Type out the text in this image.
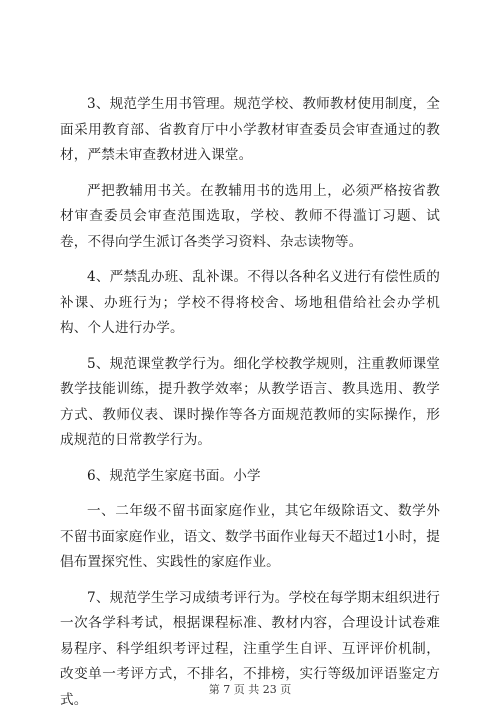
3、规范学生用书管理。规范学校、教师教材使用制度，全面采用教育部、省教育厅中小学教材审查委员会审查通过的教材，严禁未审查教材进入课堂。

严把教辅用书关。在教辅用书的选用上，必须严格按省教材审查委员会审查范围选取，学校、教师不得滥订习题、试卷，不得向学生派订各类学习资料、杂志读物等。

4、严禁乱办班、乱补课。不得以各种名义进行有偿性质的补课、办班行为；学校不得将校舍、场地租借给社会办学机构、个人进行办学。

5、规范课堂教学行为。细化学校教学规则，注重教师课堂教学技能训练，提升教学效率；从教学语言、教具选用、教学方式、教师仪表、课时操作等各方面规范教师的实际操作，形成规范的日常教学行为。

6、规范学生家庭书面。小学

一、二年级不留书面家庭作业，其它年级除语文、数学外不留书面家庭作业，语文、数学书面作业每天不超过1小时，提倡布置探究性、实践性的家庭作业。

7、规范学生学习成绩考评行为。学校在每学期末组织进行一次各学科考试，根据课程标准、教材内容，合理设计试卷难易程序、科学组织考评过程，注重学生自评、互评评价机制，改变单一考评方式，不排名，不排榜，实行等级加评语鉴定方式。

第 7 页 共 23 页
